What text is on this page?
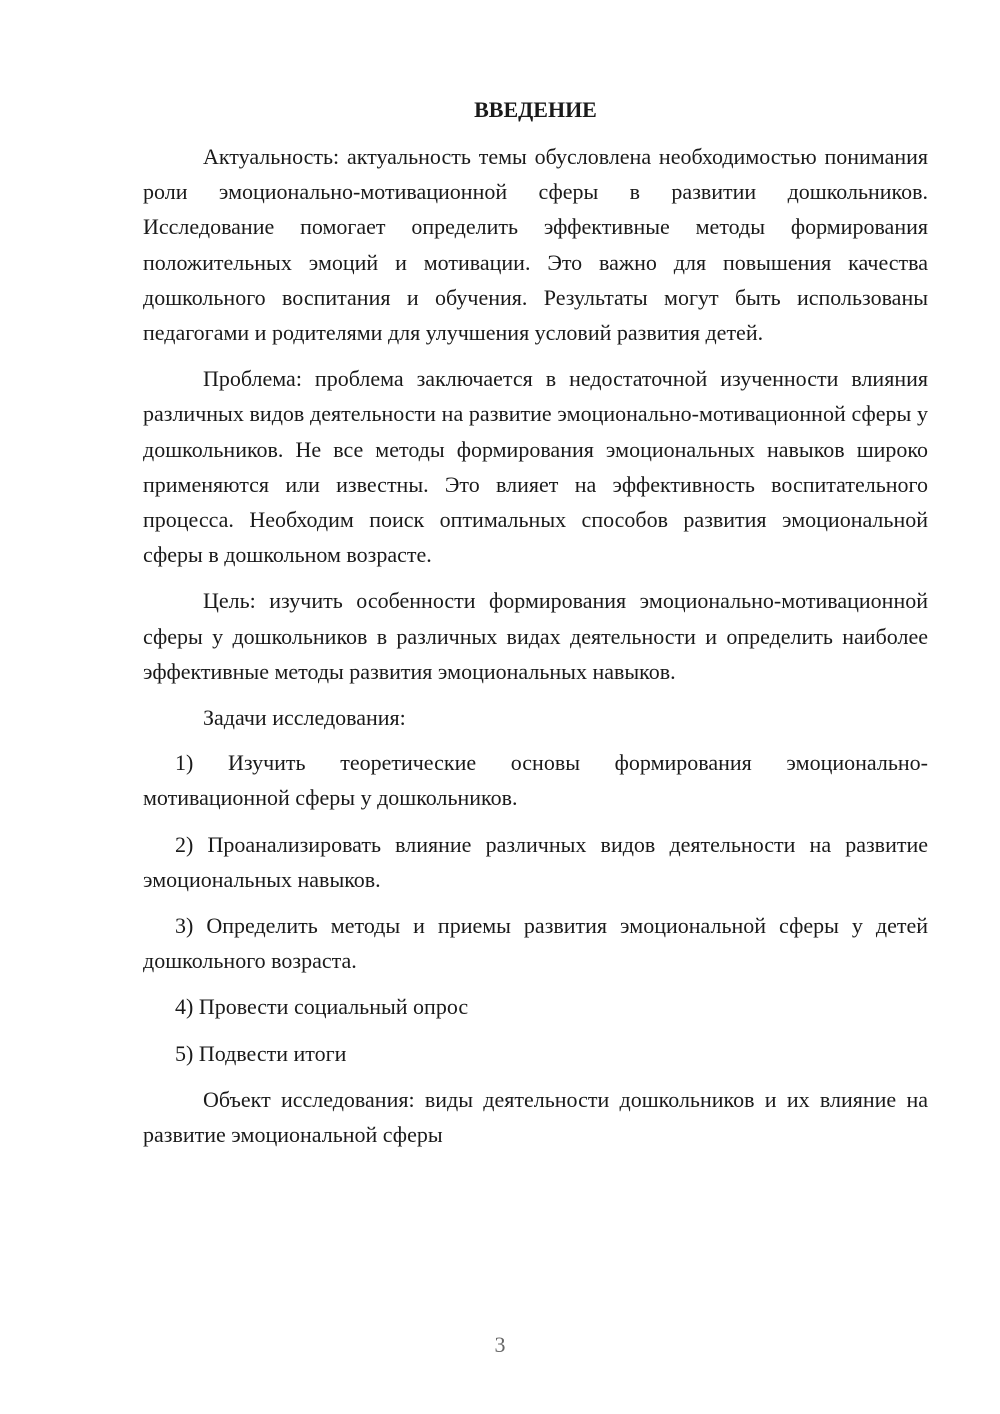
ВВЕДЕНИЕ

Актуальность: актуальность темы обусловлена необходимостью понимания роли эмоционально-мотивационной сферы в развитии дошкольников. Исследование помогает определить эффективные методы формирования положительных эмоций и мотивации. Это важно для повышения качества дошкольного воспитания и обучения. Результаты могут быть использованы педагогами и родителями для улучшения условий развития детей.

Проблема: проблема заключается в недостаточной изученности влияния различных видов деятельности на развитие эмоционально-мотивационной сферы у дошкольников. Не все методы формирования эмоциональных навыков широко применяются или известны. Это влияет на эффективность воспитательного процесса. Необходим поиск оптимальных способов развития эмоциональной сферы в дошкольном возрасте.

Цель: изучить особенности формирования эмоционально-мотивационной сферы у дошкольников в различных видах деятельности и определить наиболее эффективные методы развития эмоциональных навыков.

Задачи исследования:

1) Изучить теоретические основы формирования эмоционально-мотивационной сферы у дошкольников.

2) Проанализировать влияние различных видов деятельности на развитие эмоциональных навыков.

3) Определить методы и приемы развития эмоциональной сферы у детей дошкольного возраста.

4) Провести социальный опрос

5) Подвести итоги

Объект исследования: виды деятельности дошкольников и их влияние на развитие эмоциональной сферы

3
